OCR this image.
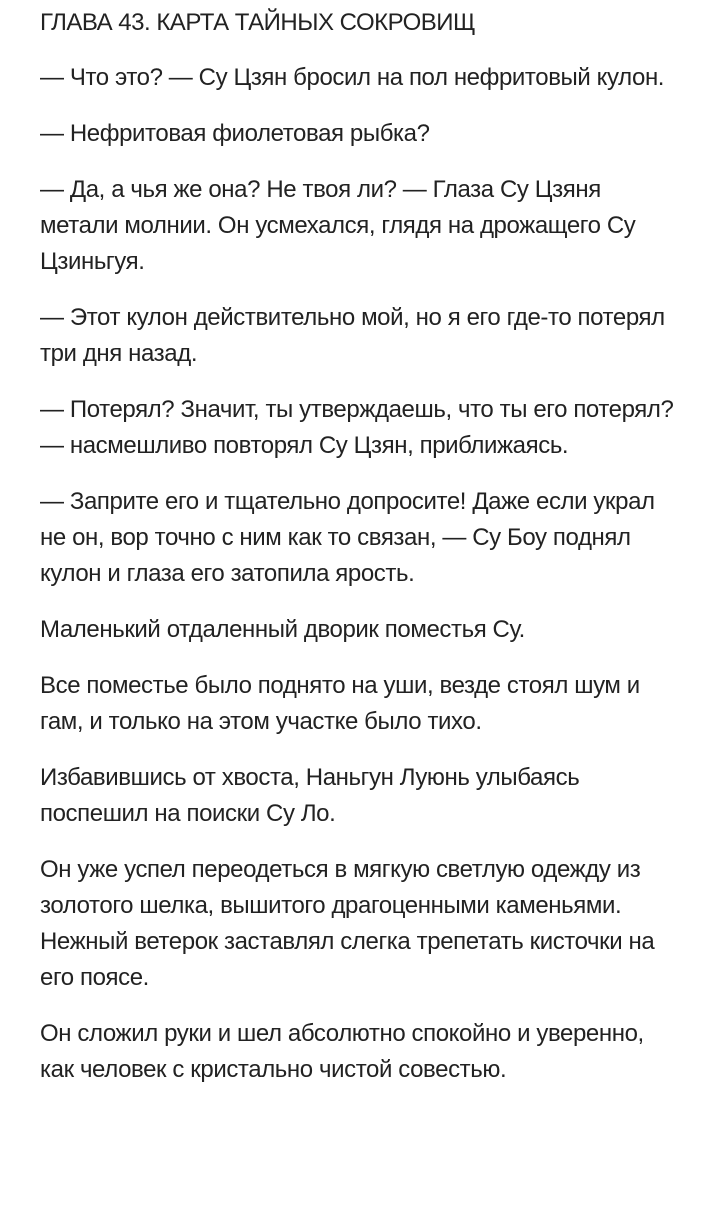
ГЛАВА 43. КАРТА ТАЙНЫХ СОКРОВИЩ

— Что это? — Су Цзян бросил на пол нефритовый кулон.

— Нефритовая фиолетовая рыбка?

— Да, а чья же она? Не твоя ли? — Глаза Су Цзяня метали молнии. Он усмехался, глядя на дрожащего Су Цзиньгуя.

— Этот кулон действительно мой, но я его где-то потерял три дня назад.

— Потерял? Значит, ты утверждаешь, что ты его потерял? — насмешливо повторял Су Цзян, приближаясь.

— Заприте его и тщательно допросите! Даже если украл не он, вор точно с ним как то связан, — Су Боу поднял кулон и глаза его затопила ярость.

Маленький отдаленный дворик поместья Су.

Все поместье было поднято на уши, везде стоял шум и гам, и только на этом участке было тихо.

Избавившись от хвоста, Наньгун Луюнь улыбаясь поспешил на поиски Су Ло.

Он уже успел переодеться в мягкую светлую одежду из золотого шелка, вышитого драгоценными каменьями. Нежный ветерок заставлял слегка трепетать кисточки на его поясе.

Он сложил руки и шел абсолютно спокойно и уверенно, как человек с кристально чистой совестью.
